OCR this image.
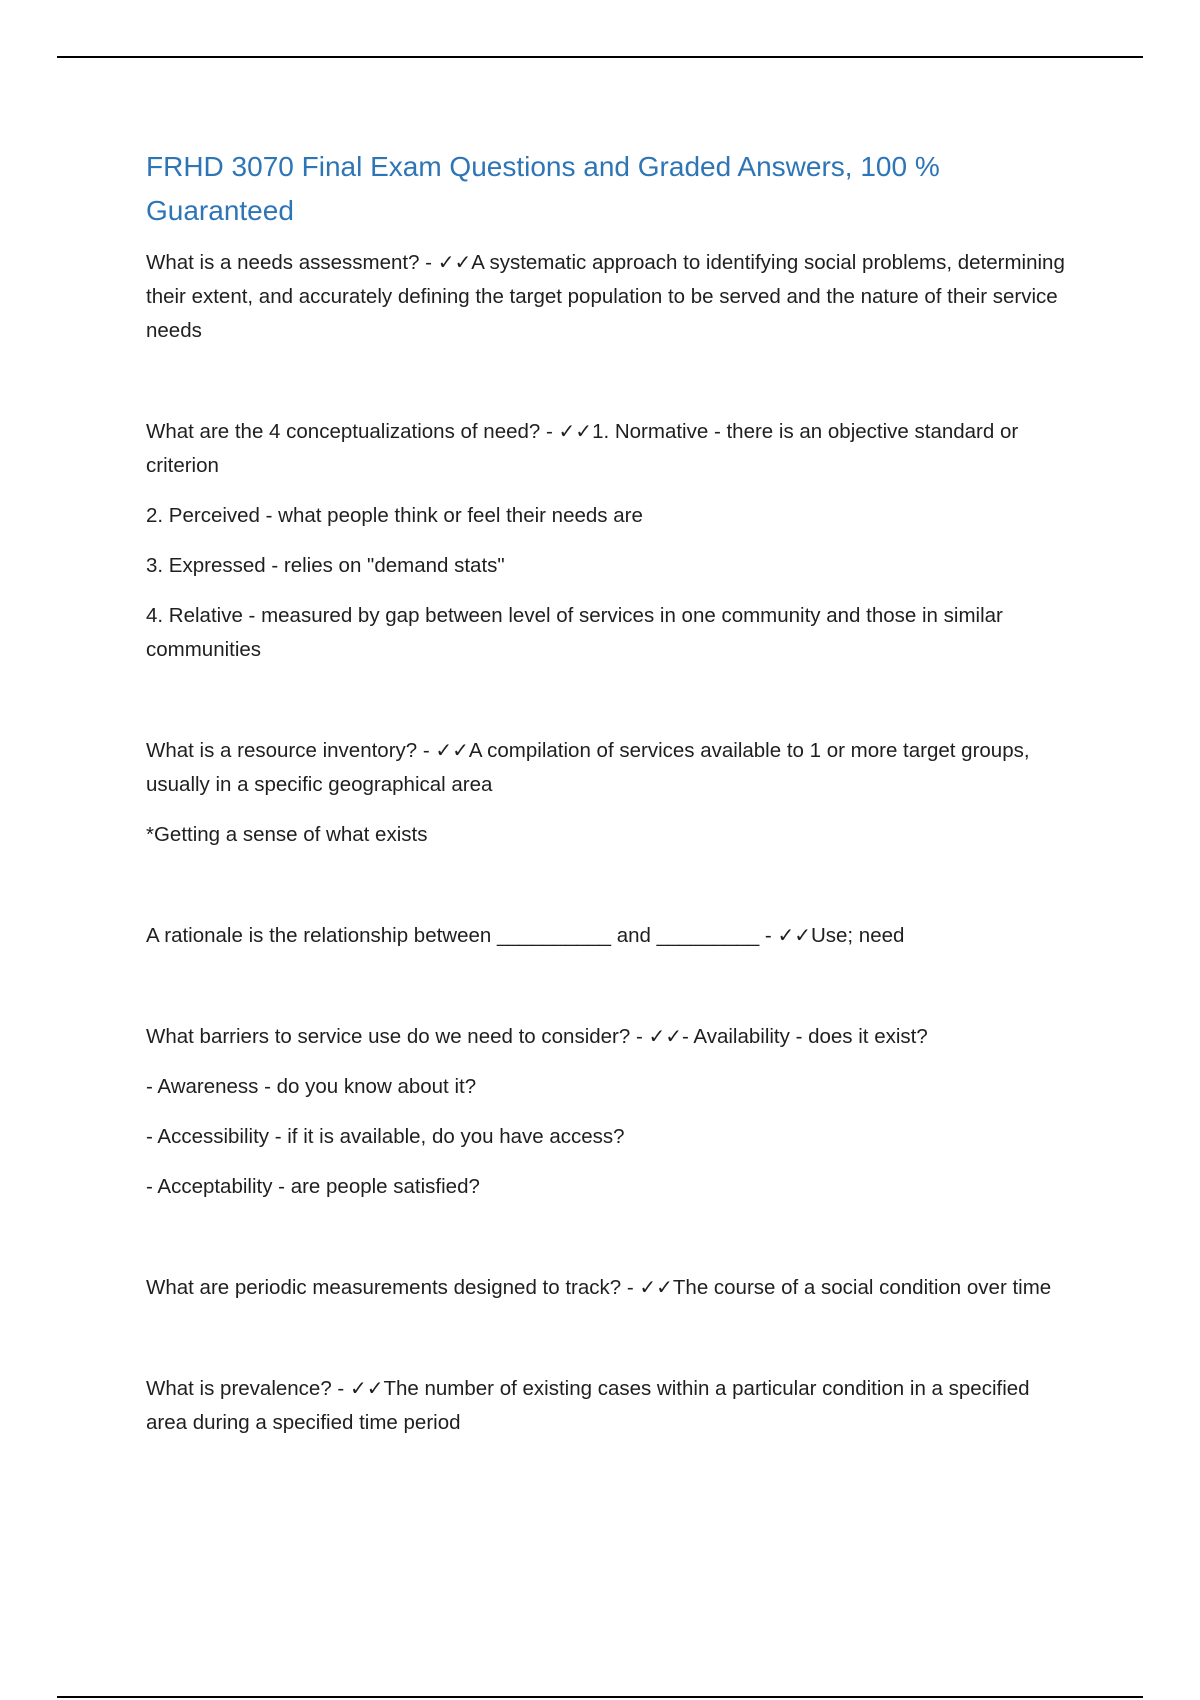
FRHD 3070 Final Exam Questions and Graded Answers, 100 % Guaranteed

What is a needs assessment? - ✓✓A systematic approach to identifying social problems, determining their extent, and accurately defining the target population to be served and the nature of their service needs

What are the 4 conceptualizations of need? - ✓✓1. Normative - there is an objective standard or criterion

2. Perceived - what people think or feel their needs are

3. Expressed - relies on "demand stats"

4. Relative - measured by gap between level of services in one community and those in similar communities

What is a resource inventory? - ✓✓A compilation of services available to 1 or more target groups, usually in a specific geographical area

*Getting a sense of what exists

A rationale is the relationship between __________ and _________ - ✓✓Use; need

What barriers to service use do we need to consider? - ✓✓- Availability - does it exist?

- Awareness - do you know about it?

- Accessibility - if it is available, do you have access?

- Acceptability - are people satisfied?

What are periodic measurements designed to track? - ✓✓The course of a social condition over time

What is prevalence? - ✓✓The number of existing cases within a particular condition in a specified area during a specified time period
